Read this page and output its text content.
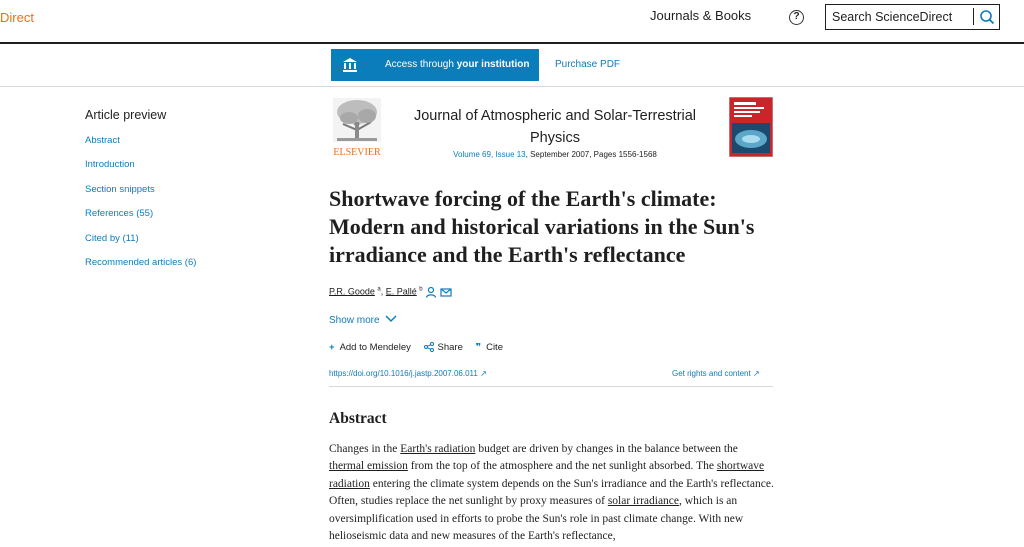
Direct	Journals & Books	?
Search ScienceDirect
Access through your institution	Purchase PDF
Article preview
Abstract
Introduction
Section snippets
References (55)
Cited by (11)
Recommended articles (6)
ELSEVIER
Journal of Atmospheric and Solar-Terrestrial Physics
Volume 69, Issue 13, September 2007, Pages 1556-1568
Shortwave forcing of the Earth's climate: Modern and historical variations in the Sun's irradiance and the Earth's reflectance
P.R. Goode $^a$, E. Pallé $^b$
Show more
+ Add to Mendeley	Share ❞ Cite
https://doi.org/10.1016/j.jastp.2007.06.011 ↗	Get rights and content ↗
Abstract

Changes in the Earth's radiation budget are driven by changes in the balance between the thermal emission from the top of the atmosphere and the net sunlight absorbed. The shortwave radiation entering the climate system depends on the Sun's irradiance and the Earth's reflectance. Often, studies replace the net sunlight by proxy measures of solar irradiance, which is an oversimplification used in efforts to probe the Sun's role in past climate change. With new helioseismic data and new measures of the Earth's reflectance,
